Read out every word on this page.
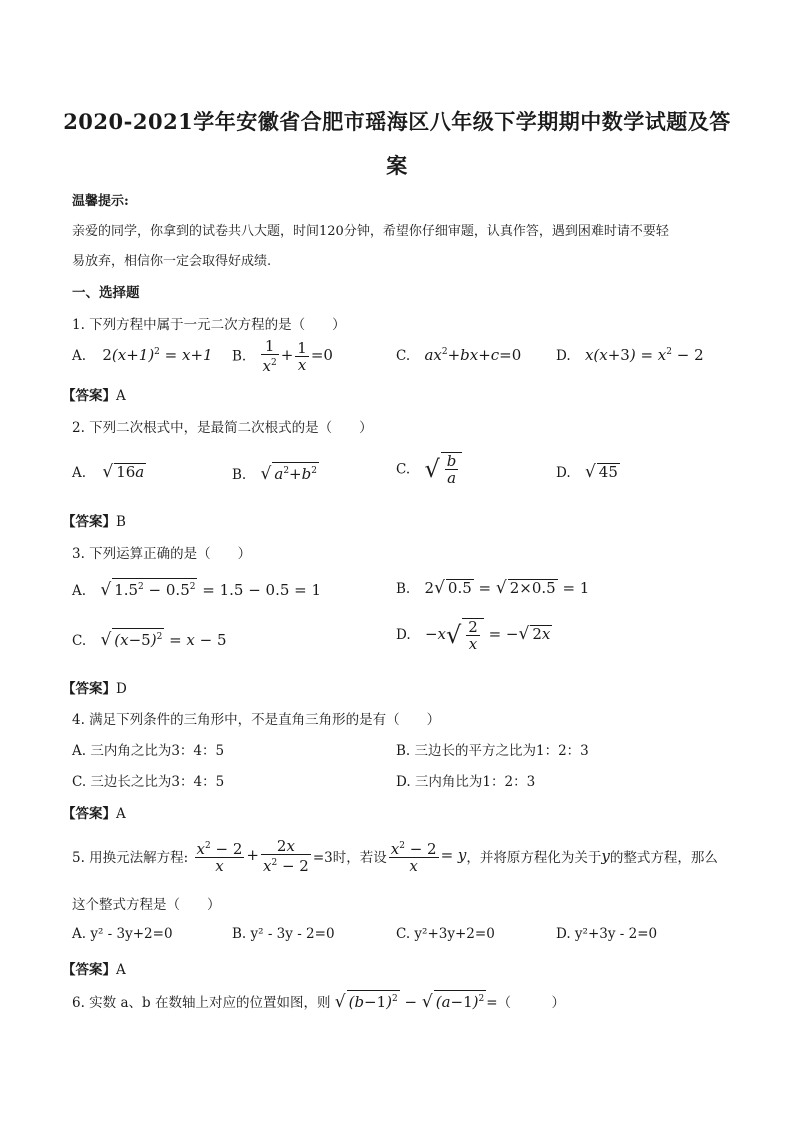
2020-2021学年安徽省合肥市瑶海区八年级下学期期中数学试题及答
案
温馨提示:
亲爱的同学，你拿到的试卷共八大题，时间120分钟，希望你仔细审题，认真作答，遇到困难时请不要轻
易放弃，相信你一定会取得好成绩.
一、选择题
1. 下列方程中属于一元二次方程的是（　　）
A. $2(x+1)^2 = x+1$ B. $\frac{1}{x^2} + \frac{1}{x} =0$	C. $ax^2+bx+c=0$	D. $x(x+3) = x^2 - 2$
【答案】A
2. 下列二次根式中，是最简二次根式的是（　　）
A. √ 16a	B. √ $a^2+b^2$	C. √ $\frac{b}{a}$	D. √ 45
【答案】B
3. 下列运算正确的是（　　）
A. √ $1.5^2 - 0.5^2 = 1.5 - 0.5 = 1$	B. 2√ 0.5 = √ 2×0.5 = 1
C. √ $(x-5)^2 = x - 5$	D. $-x√ \frac{2}{x}$ = −√ 2x
【答案】D
4. 满足下列条件的三角形中，不是直角三角形的是有（　　）
A. 三内角之比为3：4：5	B. 三边长的平方之比为1：2：3
C. 三边长之比为3：4：5	D. 三内角比为1：2：3
【答案】A
5. 用换元法解方程: $\frac{x^2 - 2}{x} + \frac{2x}{x^2 - 2} =3$时，若设 $\frac{x^2 - 2}{x} = y$，并将原方程化为关于y的整式方程，那么
这个整式方程是（　　）
A. y² - 3y+2=0	B. y² - 3y - 2=0	C. y²+3y+2=0	D. y²+3y - 2=0
【答案】A
6. 实数 a、b 在数轴上对应的位置如图，则 √ $(b-1)^2$ − √ $(a-1)^2$ =（　　　）
